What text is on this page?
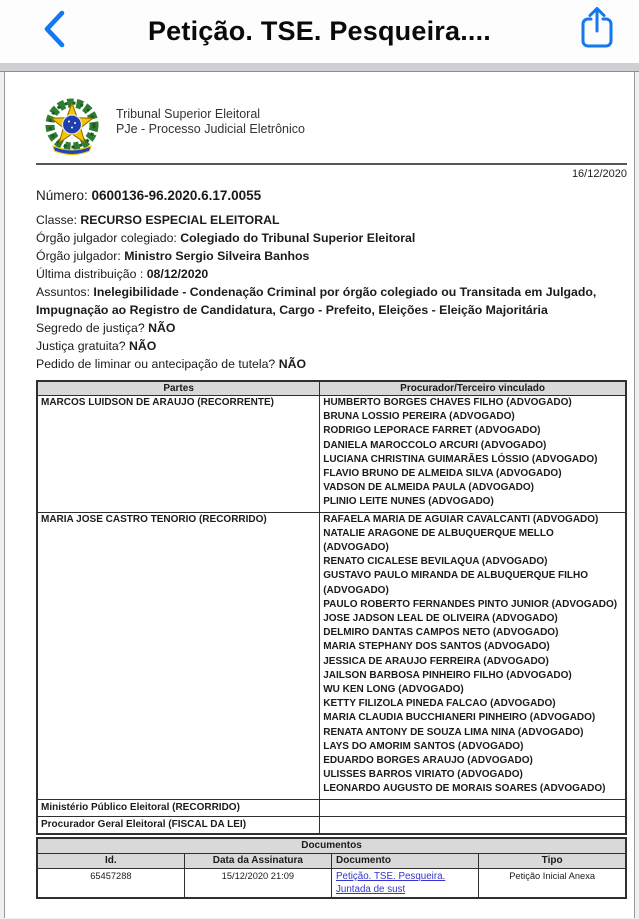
Petição. TSE. Pesqueira....
Tribunal Superior Eleitoral
PJe - Processo Judicial Eletrônico
16/12/2020
Número: 0600136-96.2020.6.17.0055
Classe: RECURSO ESPECIAL ELEITORAL
Órgão julgador colegiado: Colegiado do Tribunal Superior Eleitoral
Órgão julgador: Ministro Sergio Silveira Banhos
Última distribuição : 08/12/2020
Assuntos: Inelegibilidade - Condenação Criminal por órgão colegiado ou Transitada em Julgado, Impugnação ao Registro de Candidatura, Cargo - Prefeito, Eleições - Eleição Majoritária
Segredo de justiça? NÃO
Justiça gratuita? NÃO
Pedido de liminar ou antecipação de tutela? NÃO
Partes	Procurador/Terceiro vinculado
MARCOS LUIDSON DE ARAUJO (RECORRENTE)	HUMBERTO BORGES CHAVES FILHO (ADVOGADO)
BRUNA LOSSIO PEREIRA (ADVOGADO)
RODRIGO LEPORACE FARRET (ADVOGADO)
DANIELA MAROCCOLO ARCURI (ADVOGADO)
LUCIANA CHRISTINA GUIMARÃES LÓSSIO (ADVOGADO)
FLAVIO BRUNO DE ALMEIDA SILVA (ADVOGADO)
VADSON DE ALMEIDA PAULA (ADVOGADO)
PLINIO LEITE NUNES (ADVOGADO)

MARIA JOSE CASTRO TENORIO (RECORRIDO)	RAFAELA MARIA DE AGUIAR CAVALCANTI (ADVOGADO)
NATALIE ARAGONE DE ALBUQUERQUE MELLO (ADVOGADO)
RENATO CICALESE BEVILAQUA (ADVOGADO)
GUSTAVO PAULO MIRANDA DE ALBUQUERQUE FILHO (ADVOGADO)
PAULO ROBERTO FERNANDES PINTO JUNIOR (ADVOGADO)
JOSE JADSON LEAL DE OLIVEIRA (ADVOGADO)
DELMIRO DANTAS CAMPOS NETO (ADVOGADO)
MARIA STEPHANY DOS SANTOS (ADVOGADO)
JESSICA DE ARAUJO FERREIRA (ADVOGADO)
JAILSON BARBOSA PINHEIRO FILHO (ADVOGADO)
WU KEN LONG (ADVOGADO)
KETTY FILIZOLA PINEDA FALCAO (ADVOGADO)
MARIA CLAUDIA BUCCHIANERI PINHEIRO (ADVOGADO)
RENATA ANTONY DE SOUZA LIMA NINA (ADVOGADO)
LAYS DO AMORIM SANTOS (ADVOGADO)
EDUARDO BORGES ARAUJO (ADVOGADO)
ULISSES BARROS VIRIATO (ADVOGADO)
LEONARDO AUGUSTO DE MORAIS SOARES (ADVOGADO)

Ministério Público Eleitoral (RECORRIDO)	
Procurador Geral Eleitoral (FISCAL DA LEI)	
Documentos			
Id.	Data da Assinatura	Documento	Tipo
65457288	15/12/2020 21:09	Petição. TSE. Pesqueira. Juntada de sust	Petição Inicial Anexa
